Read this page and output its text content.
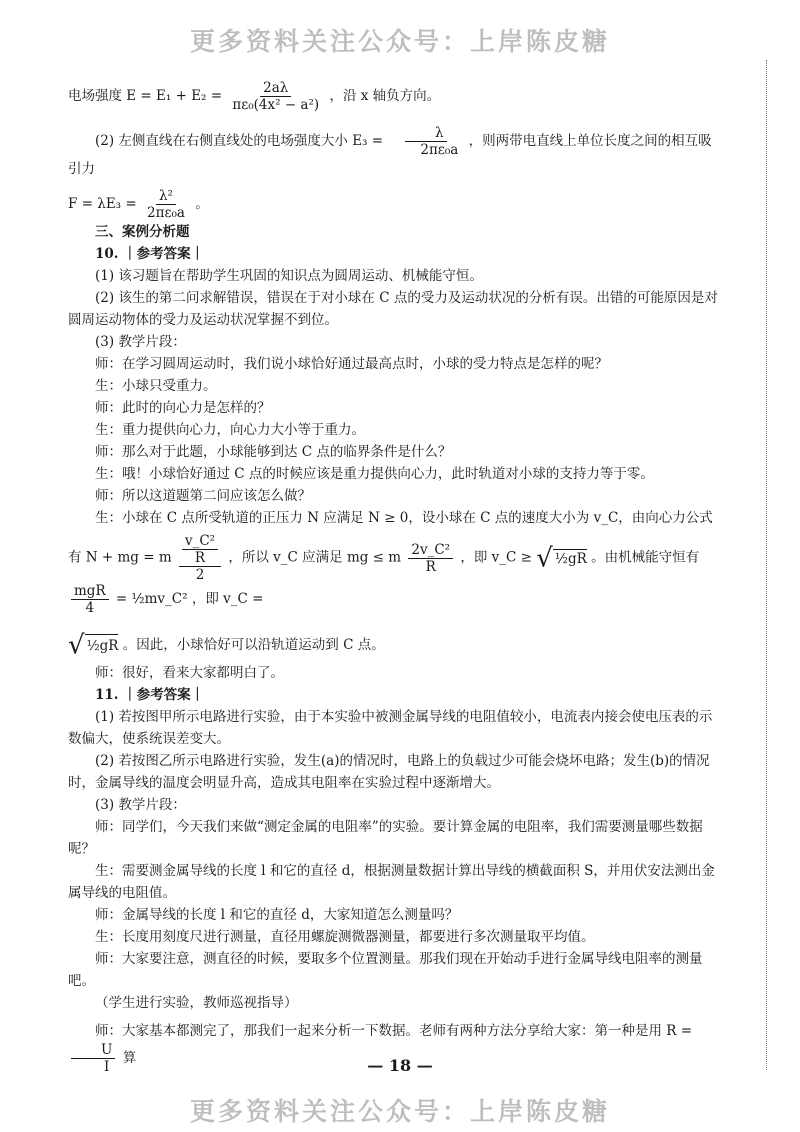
更多资料关注公众号：上岸陈皮糖

电场强度 $E = E_1 + E_2 = \frac{2a\lambda}{\text{πε₀(4x² − a²)}}$ ，沿 x 轴负方向。

(2) 左侧直线在右侧直线处的电场强度大小 $E_3 = \frac{\lambda}{\text{2πε₀a}}$ ，则两带电直线上单位长度之间的相互吸引力

$F = \lambda E_3 = \frac{\text{λ²}}{\text{2πε₀a}}$ 。

三、案例分析题

10. ｜参考答案｜

(1) 该习题旨在帮助学生巩固的知识点为圆周运动、机械能守恒。

(2) 该生的第二问求解错误，错误在于对小球在 C 点的受力及运动状况的分析有误。出错的可能原因是对圆周运动物体的受力及运动状况掌握不到位。

(3) 教学片段：

师：在学习圆周运动时，我们说小球恰好通过最高点时，小球的受力特点是怎样的呢？

生：小球只受重力。

师：此时的向心力是怎样的？

生：重力提供向心力，向心力大小等于重力。

师：那么对于此题，小球能够到达 C 点的临界条件是什么？

生：哦！小球恰好通过 C 点的时候应该是重力提供向心力，此时轨道对小球的支持力等于零。

师：所以这道题第二问应该怎么做？

生：小球在 C 点所受轨道的正压力 N 应满足 N ≥ 0，设小球在 C 点的速度大小为 v_C，由向心力公式

有 N + mg = m $\frac{\frac{\text{v\_C²}}{R}}{2}$ ，所以 v_C 应满足 mg ≤ m $\frac{\text{2v\_C²}}{R}$ ，即 v_C ≥ √ ½gR 。由机械能守恒有
$\frac{\text{mgR}}{4}$ = ½mv_C² ，即 v_C =

√ ½gR 。因此，小球恰好可以沿轨道运动到 C 点。

师：很好，看来大家都明白了。

11. ｜参考答案｜

(1) 若按图甲所示电路进行实验，由于本实验中被测金属导线的电阻值较小，电流表内接会使电压表的示数偏大，使系统误差变大。

(2) 若按图乙所示电路进行实验，发生(a)的情况时，电路上的负载过少可能会烧坏电路；发生(b)的情况时，金属导线的温度会明显升高，造成其电阻率在实验过程中逐渐增大。

(3) 教学片段：

师：同学们，今天我们来做“测定金属的电阻率”的实验。要计算金属的电阻率，我们需要测量哪些数据呢？

生：需要测金属导线的长度 l 和它的直径 d，根据测量数据计算出导线的横截面积 S，并用伏安法测出金属导线的电阻值。

师：金属导线的长度 l 和它的直径 d，大家知道怎么测量吗？

生：长度用刻度尺进行测量，直径用螺旋测微器测量，都要进行多次测量取平均值。

师：大家要注意，测直径的时候，要取多个位置测量。那我们现在开始动手进行金属导线电阻率的测量吧。

（学生进行实验，教师巡视指导）

师：大家基本都测完了，那我们一起来分析一下数据。老师有两种方法分享给大家：第一种是用 R =
$\frac{U}{I}$ 算	— 18 —
更多资料关注公众号：上岸陈皮糖
